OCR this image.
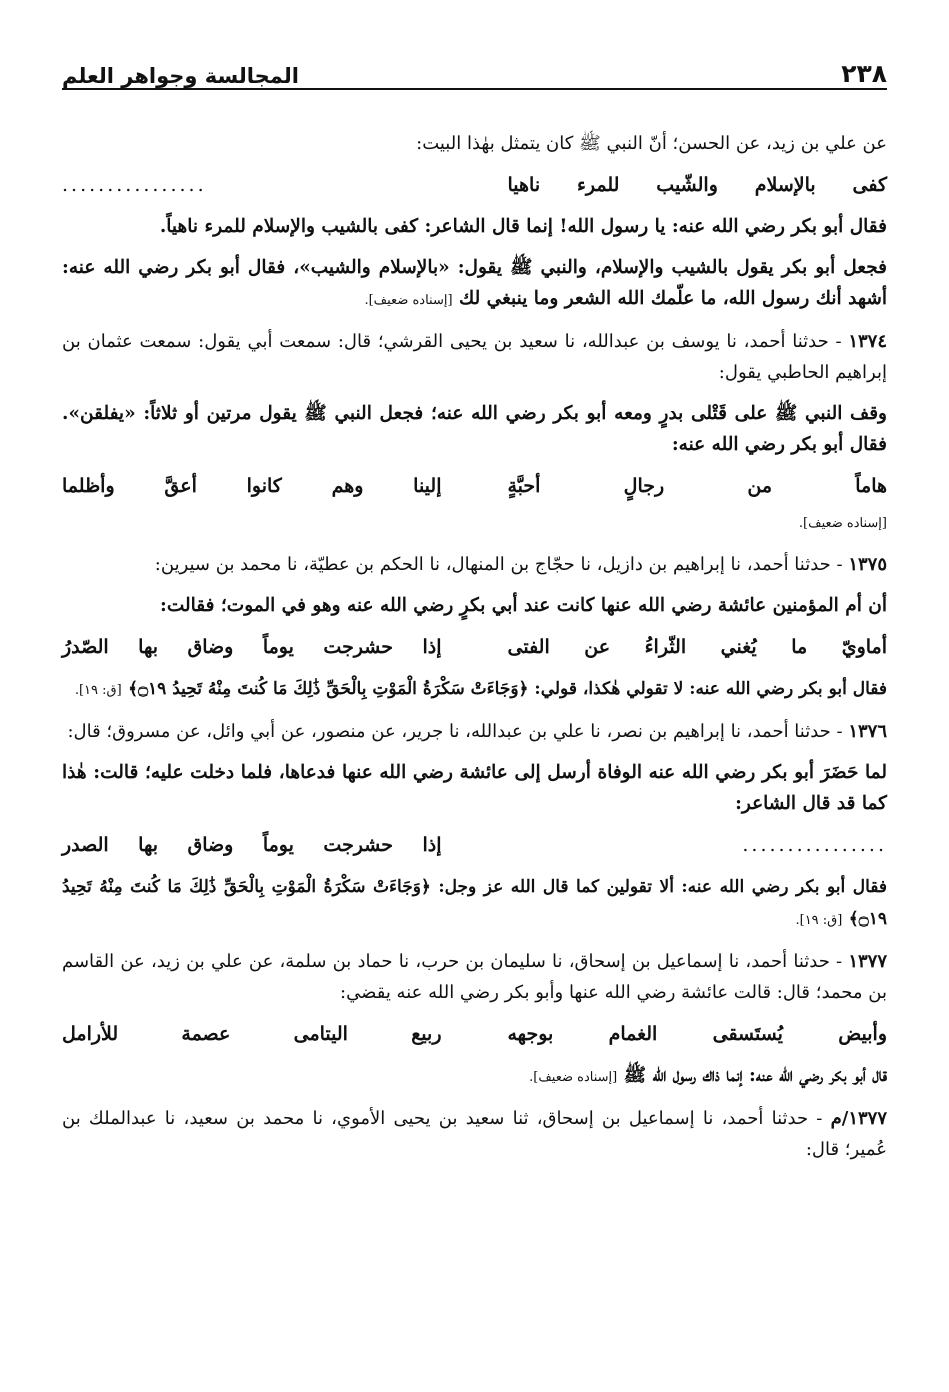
٢٣٨
المجالسة وجواهر العلم

عن علي بن زيد، عن الحسن؛ أنّ النبي ﷺ كان يتمثل بهٰذا البيت:

كفى بالإسلام والشّيب للمرء ناهيا
................

فقال أبو بكر رضي الله عنه: يا رسول الله! إنما قال الشاعر: كفى بالشيب والإسلام للمرء ناهياً.

فجعل أبو بكر يقول بالشيب والإسلام، والنبي ﷺ يقول: «بالإسلام والشيب»، فقال أبو بكر رضي الله عنه: أشهد أنك رسول الله، ما علّمك الله الشعر وما ينبغي لك [إسناده ضعيف].

١٣٧٤ - حدثنا أحمد، نا يوسف بن عبدالله، نا سعيد بن يحيى القرشي؛ قال: سمعت أبي يقول: سمعت عثمان بن إبراهيم الحاطبي يقول:

وقف النبي ﷺ على قَتْلى بدرٍ ومعه أبو بكر رضي الله عنه؛ فجعل النبي ﷺ يقول مرتين أو ثلاثاً: «يفلقن». فقال أبو بكر رضي الله عنه:

هاماً من رجالٍ أحبَّةٍ
إلينا وهم كانوا أعقَّ وأظلما

[إسناده ضعيف].

١٣٧٥ - حدثنا أحمد، نا إبراهيم بن دازيل، نا حجّاج بن المنهال، نا الحكم بن عطيّة، نا محمد بن سيرين:

أن أم المؤمنين عائشة رضي الله عنها كانت عند أبي بكرٍ رضي الله عنه وهو في الموت؛ فقالت:

أماويّ ما يُغني الثّراءُ عن الفتى
إذا حشرجت يوماً وضاق بها الصّدرُ

فقال أبو بكر رضي الله عنه: لا تقولي هٰكذا، قولي: ﴿وَجَاءَتْ سَكْرَةُ الْمَوْتِ بِالْحَقِّ ذَٰلِكَ مَا كُنتَ مِنْهُ تَحِيدُ ۝١٩﴾ [ق: ١٩].

١٣٧٦ - حدثنا أحمد، نا إبراهيم بن نصر، نا علي بن عبدالله، نا جرير، عن منصور، عن أبي وائل، عن مسروق؛ قال:

لما حَضَرَ أبو بكر رضي الله عنه الوفاة أرسل إلى عائشة رضي الله عنها فدعاها، فلما دخلت عليه؛ قالت: هٰذا كما قد قال الشاعر:

................
إذا حشرجت يوماً وضاق بها الصدر

فقال أبو بكر رضي الله عنه: ألا تقولين كما قال الله عز وجل: ﴿وَجَاءَتْ سَكْرَةُ الْمَوْتِ بِالْحَقِّ ذَٰلِكَ مَا كُنتَ مِنْهُ تَحِيدُ ۝١٩﴾ [ق: ١٩].

١٣٧٧ - حدثنا أحمد، نا إسماعيل بن إسحاق، نا سليمان بن حرب، نا حماد بن سلمة، عن علي بن زيد، عن القاسم بن محمد؛ قال: قالت عائشة رضي الله عنها وأبو بكر رضي الله عنه يقضي:

وأبيض يُستَسقى الغمام بوجهه
ربيع اليتامى عصمة للأرامل

قال أبو بكر رضي الله عنه: إنما ذاك رسول الله ﷺ [إسناده ضعيف].

١٣٧٧/م - حدثنا أحمد، نا إسماعيل بن إسحاق، ثنا سعيد بن يحيى الأموي، نا محمد بن سعيد، نا عبدالملك بن عُمير؛ قال:
